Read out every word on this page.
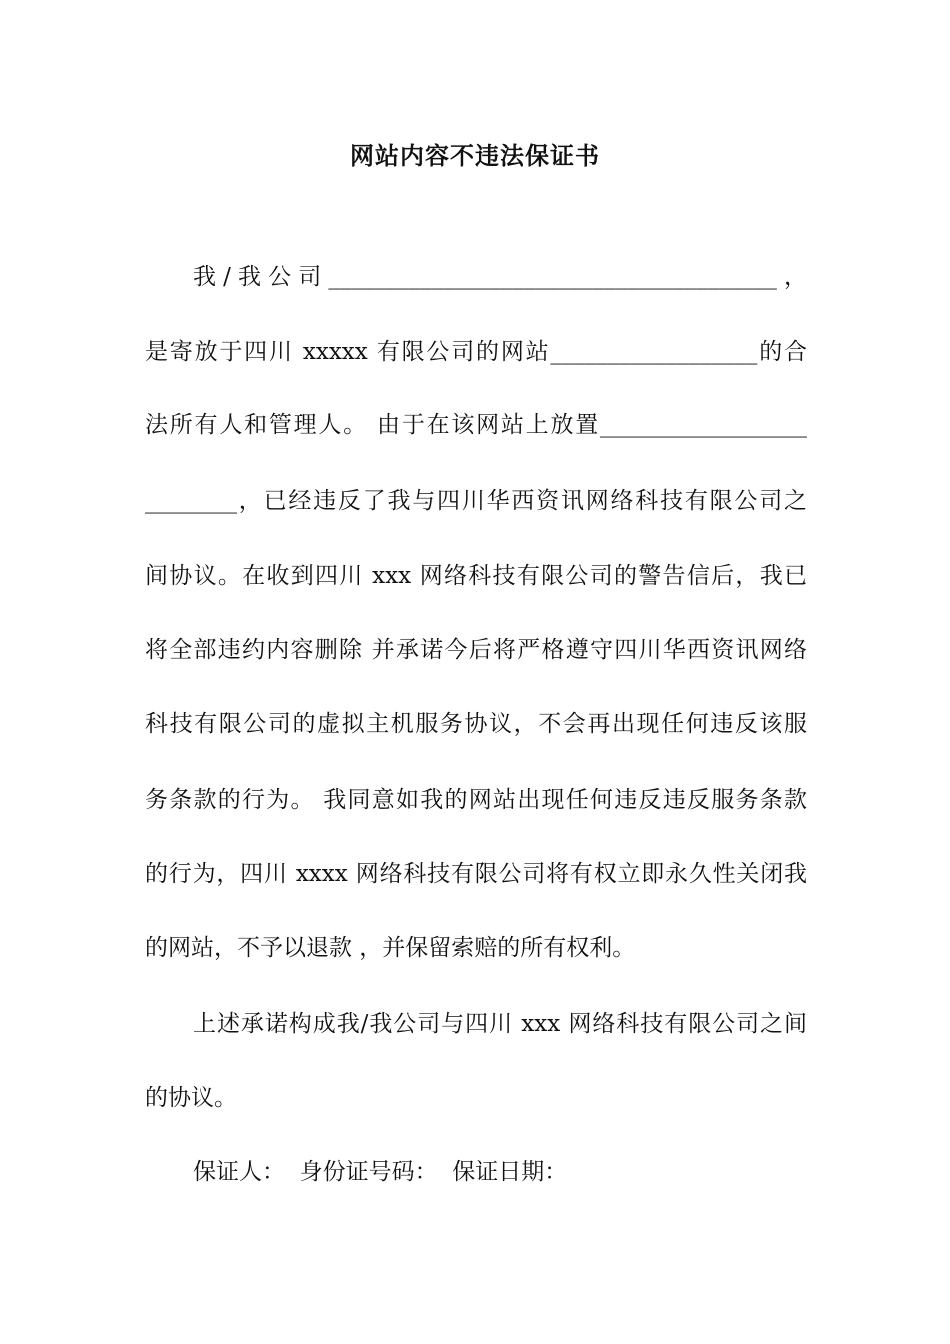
网站内容不违法保证书
我/我公司_______________________________________，
是寄放于四川 xxxxx 有限公司的网站__________________的合
法所有人和管理人。 由于在该网站上放置__________________
________，已经违反了我与四川华西资讯网络科技有限公司之
间协议。在收到四川 xxx 网络科技有限公司的警告信后，我已
将全部违约内容删除 并承诺今后将严格遵守四川华西资讯网络
科技有限公司的虚拟主机服务协议，不会再出现任何违反该服
务条款的行为。 我同意如我的网站出现任何违反违反服务条款
的行为，四川 xxxx 网络科技有限公司将有权立即永久性关闭我
的网站，不予以退款 ，并保留索赔的所有权利。
上述承诺构成我/我公司与四川 xxx 网络科技有限公司之间
的协议。
保证人：  身份证号码：  保证日期：
